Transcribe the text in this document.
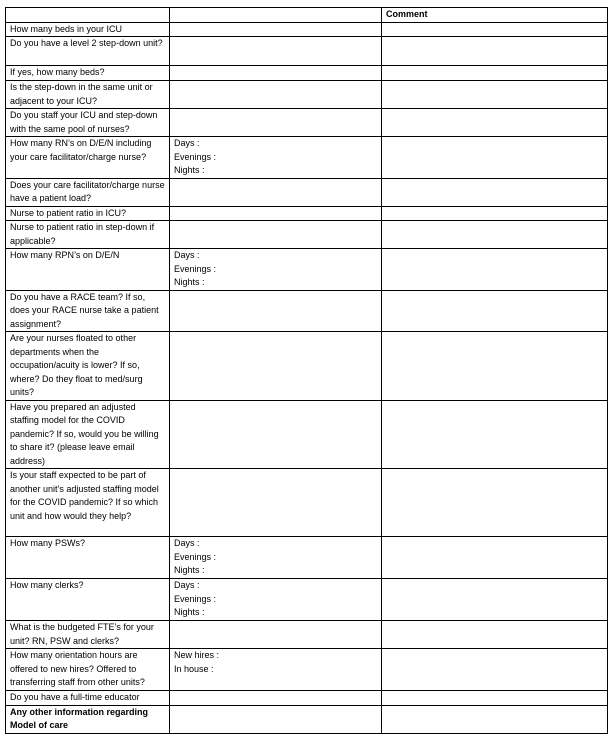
		Comment
How many beds in your ICU		
Do you have a level 2 step-down unit?		
If yes, how many beds?		
Is the step-down in the same unit or adjacent to your ICU?		
Do you staff your ICU and step-down with the same pool of nurses?		
How many RN’s on D/E/N including your care facilitator/charge nurse?	Days :
Evenings :
Nights :	

Does your care facilitator/charge nurse have a patient load?		
Nurse to patient ratio in ICU?		
Nurse to patient ratio in step-down if applicable?		
How many RPN’s on D/E/N	Days :
Evenings :
Nights :	

Do you have a RACE team? If so, does your RACE nurse take a patient assignment?		
Are your nurses floated to other departments when the occupation/acuity is lower? If so, where? Do they float to med/surg units?		
Have you prepared an adjusted staffing model for the COVID pandemic? If so, would you be willing to share it? (please leave email address)		
Is your staff expected to be part of another unit’s adjusted staffing model for the COVID pandemic? If so which unit and how would they help?		
How many PSWs?	Days :
Evenings :
Nights :	

How many clerks?	Days :
Evenings :
Nights :	

What is the budgeted FTE’s for your unit? RN, PSW and clerks?		
How many orientation hours are offered to new hires? Offered to transferring staff from other units?	New hires :
In house :	

Do you have a full-time educator		
Any other information regarding Model of care		
